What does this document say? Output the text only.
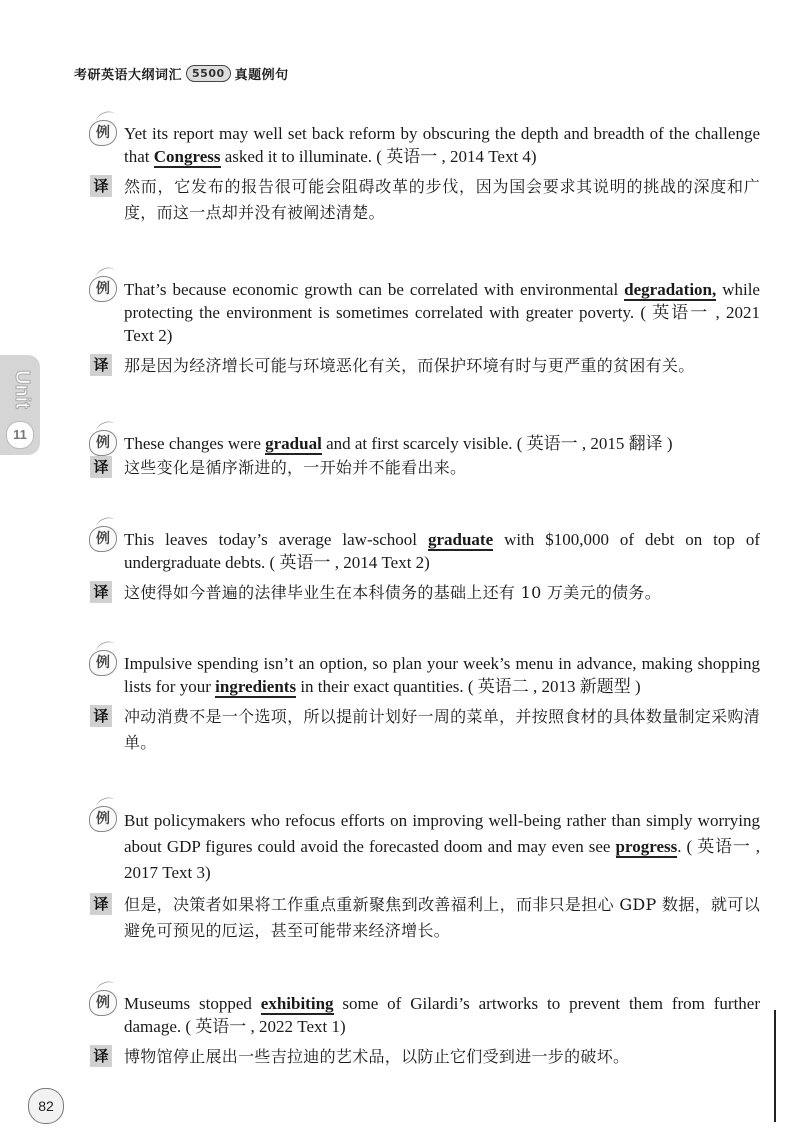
考研英语大纲词汇 5500 真题例句
Unit
11
例 Yet its report may well set back reform by obscuring the depth and breadth of the challenge that Congress asked it to illuminate. ( 英语一 , 2014 Text 4)
译 然而，它发布的报告很可能会阻碍改革的步伐，因为国会要求其说明的挑战的深度和广度，而这一点却并没有被阐述清楚。
例 That’s because economic growth can be correlated with environmental degradation, while protecting the environment is sometimes correlated with greater poverty. ( 英语一 , 2021 Text 2)
译 那是因为经济增长可能与环境恶化有关，而保护环境有时与更严重的贫困有关。
例 These changes were gradual and at first scarcely visible. ( 英语一 , 2015 翻译 )
译 这些变化是循序渐进的，一开始并不能看出来。
例 This leaves today’s average law-school graduate with $100,000 of debt on top of undergraduate debts. ( 英语一 , 2014 Text 2)
译 这使得如今普遍的法律毕业生在本科债务的基础上还有 10 万美元的债务。
例 Impulsive spending isn’t an option, so plan your week’s menu in advance, making shopping lists for your ingredients in their exact quantities. ( 英语二 , 2013 新题型 )
译 冲动消费不是一个选项，所以提前计划好一周的菜单，并按照食材的具体数量制定采购清单。
例 But policymakers who refocus efforts on improving well-being rather than simply worrying about GDP figures could avoid the forecasted doom and may even see progress. ( 英语一 , 2017 Text 3)
译 但是，决策者如果将工作重点重新聚焦到改善福利上，而非只是担心 GDP 数据，就可以避免可预见的厄运，甚至可能带来经济增长。
例 Museums stopped exhibiting some of Gilardi’s artworks to prevent them from further damage. ( 英语一 , 2022 Text 1)
译 博物馆停止展出一些吉拉迪的艺术品，以防止它们受到进一步的破坏。
82
